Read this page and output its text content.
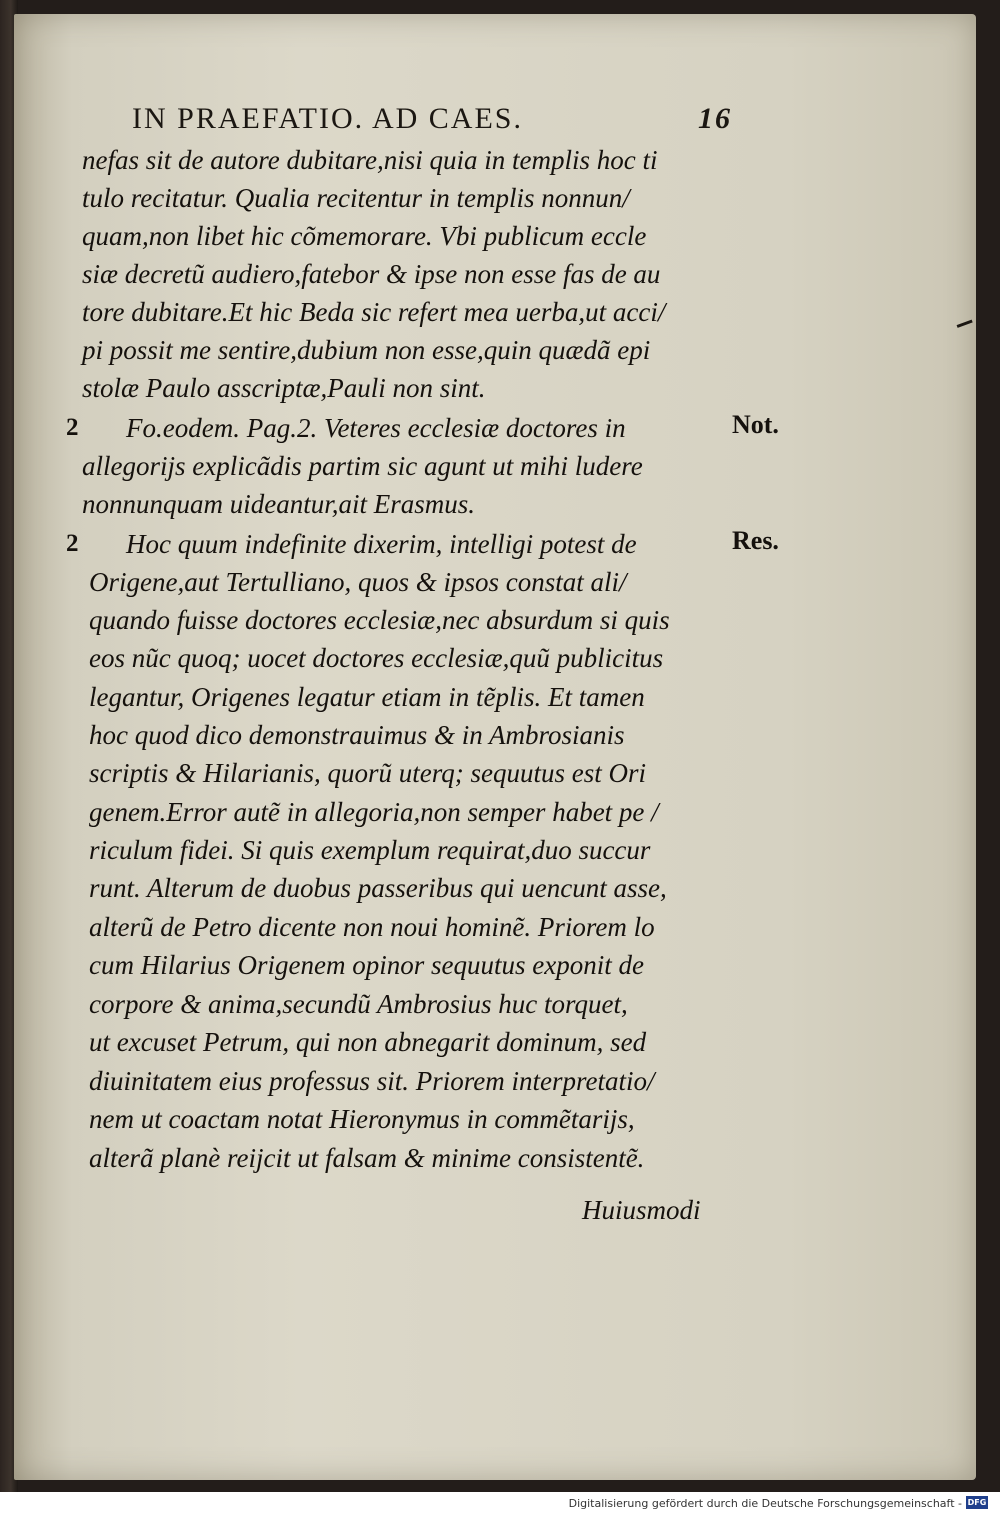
IN PRAEFATIO. AD CAES.	16
nefas sit de autore dubitare,nisi quia in templis hoc ti
tulo recitatur. Qualia recitentur in templis nonnun/
quam,non libet hic cõmemorare. Vbi publicum eccle
siæ decretũ audiero,fatebor & ipse non esse fas de au
tore dubitare.Et hic Beda sic refert mea uerba,ut acci/
pi possit me sentire,dubium non esse,quin quædã epi
stolæ Paulo asscriptæ,Pauli non sint.
Fo.eodem. Pag.2. Veteres ecclesiæ doctores in
allegorijs explicãdis partim sic agunt ut mihi ludere
nonnunquam uideantur,ait Erasmus.
Hoc quum indefinite dixerim, intelligi potest de
Origene,aut Tertulliano, quos & ipsos constat ali/
quando fuisse doctores ecclesiæ,nec absurdum si quis
eos nũc quoq; uocet doctores ecclesiæ,quũ publicitus
legantur, Origenes legatur etiam in tẽplis. Et tamen
hoc quod dico demonstrauimus & in Ambrosianis
scriptis & Hilarianis, quorũ uterq; sequutus est Ori
genem.Error autẽ in allegoria,non semper habet pe /
riculum fidei. Si quis exemplum requirat,duo succur
runt. Alterum de duobus passeribus qui uencunt asse,
alterũ de Petro dicente non noui hominẽ. Priorem lo
cum Hilarius Origenem opinor sequutus exponit de
corpore & anima,secundũ Ambrosius huc torquet,
ut excuset Petrum, qui non abnegarit dominum, sed
diuinitatem eius professus sit. Priorem interpretatio/
nem ut coactam notat Hieronymus in commẽtarijs,
alterã planè reijcit ut falsam & minime consistentẽ.
Huiusmodi
2
2
Not.
Res.
Digitalisierung gefördert durch die Deutsche Forschungsgemeinschaft - DFG
